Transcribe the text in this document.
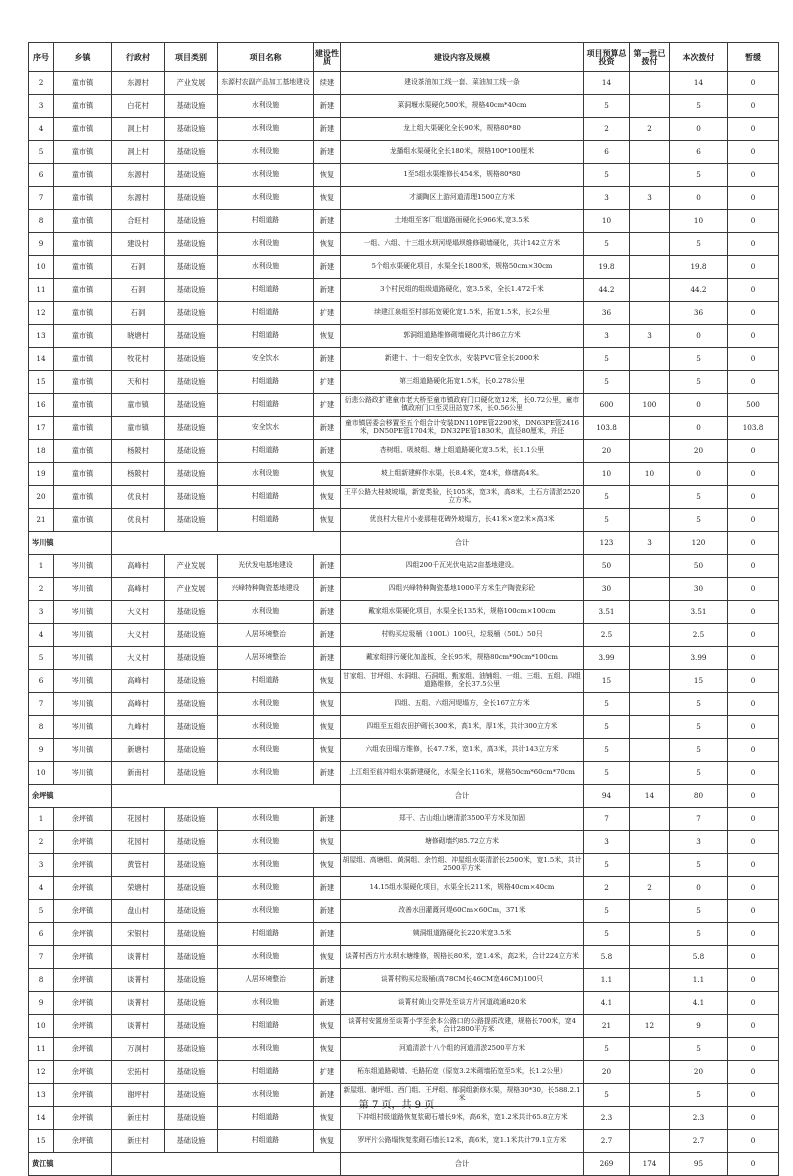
序号	乡镇	行政村	项目类别	项目名称	建设性质	建设内容及规模	项目预算总投资	第一批已拨付	本次拨付	暂缓
2	童市镇	东源村	产业发展	东源村农副产品加工基地建设	续建	建设茶油加工线一套、菜油加工线一条	14		14	0
3	童市镇	白花村	基础设施	水利设施	新建	菜洞堰水渠硬化500米，规格40cm*40cm	5		5	0
4	童市镇	洞上村	基础设施	水利设施	新建	龙上组大渠硬化全长90米，规格80*80	2	2	0	0
5	童市镇	洞上村	基础设施	水利设施	新建	龙播组水渠硬化全长180米，规格100*100厘米	6		6	0
6	童市镇	东源村	基础设施	水利设施	恢复	1至5组水渠维修长454米，规格80*80	5		5	0
7	童市镇	东源村	基础设施	水利设施	恢复	才湖陶区上游河道清理1500立方米	3	3	0	0
8	童市镇	合旺村	基础设施	村组道路	新建	土地组至客厂组道路面硬化长966米,宽3.5米	10		10	0
9	童市镇	建设村	基础设施	水利设施	恢复	一组、六组、十三组水坝河堤塌坝维修砌墙硬化，共计142立方米	5		5	0
10	童市镇	石洞	基础设施	水利设施	新建	5个组水渠硬化项目，水渠全长1800米，规格50cm×30cm	19.8		19.8	0
11	童市镇	石洞	基础设施	村组道路	新建	3个村民组的组级道路硬化，宽3.5米，全长1.472千米	44.2		44.2	0
12	童市镇	石洞	基础设施	村组道路	扩建	续建江泉组至村部拓宽硬化宽1.5米，拓宽1.5米，长2公里	36		36	0
13	童市镇	晓塘村	基础设施	村组道路	恢复	郭洞组道路维修砌墙硬化共计86立方米	3	3	0	0
14	童市镇	牧花村	基础设施	安全饮水	新建	新建十、十一组安全饮水，安装PVC管全长2000米	5		5	0
15	童市镇	天和村	基础设施	村组道路	扩建	第三组道路硬化拓宽1.5米，长0.278公里	5		5	0
16	童市镇	童市镇	基础设施	村组道路	扩建	衍悲公路政扩建童市老大桥至童市镇政府门口硬化宽12米，长0.72公里，童市镇政府门口至灵田站宽7米，长0.56公里	600	100	0	500
17	童市镇	童市镇	基础设施	安全饮水	新建	童市镇居委会移置至五个组合计安装DN110PE管2290米，DN63PE管2416米，DN50PE管1704米，DN32PE管1830米，直径80厘米，并还	103.8		0	103.8
18	童市镇	杨陂村	基础设施	村组道路	新建	杏树组、吸坡组、塘上组道路硬化宽3.5米，长1.1公里	20		20	0
19	童市镇	杨陂村	基础设施	水利设施	恢复	坡上组新建鲜作水渠，长8.4米，宽4米，修缮高4米。	10	10	0	0
20	童市镇	优良村	基础设施	村组道路	恢复	王平公路大桂坡坡塌，新宽类验，长105米，宽3米，高8米，土石方清淤2520立方米。	5		5	0
21	童市镇	优良村	基础设施	村组道路	恢复	优良村大桂片小麦那桂花碑外坡塌方，长41米×宽2米×高3米	5		5	0
岑川镇						合计	123	3	120	0
1	岑川镇	高峰村	产业发展	光伏发电基地建设	新建	四组200千瓦光伏电站2亩基地建设。	50		50	0
2	岑川镇	高峰村	产业发展	兴峰特种陶瓷基地建设	新建	四组兴峰特种陶瓷基地1000平方米生产陶瓷彩砼	30		30	0
3	岑川镇	大义村	基础设施	水利设施	新建	戴家组水渠硬化项目，水渠全长135米，规格100cm×100cm	3.51		3.51	0
4	岑川镇	大义村	基础设施	人居环境整治	新建	村购买垃圾桶（100L）100只，垃圾桶（50L）50只	2.5		2.5	0
5	岑川镇	大义村	基础设施	人居环境整治	新建	戴家组排污硬化加盖板，全长95米，规格80cm*90cm*100cm	3.99		3.99	0
6	岑川镇	高峰村	基础设施	村组道路	恢复	甘家组、甘坪组、水洞组、石洞组、甄家组、油铺组、一组、三组、五组、四组道路维修，全长37.5公里	15		15	0
7	岑川镇	高峰村	基础设施	水利设施	恢复	四组、五组、六组河堤塌方，全长167立方米	5		5	0
8	岑川镇	九峰村	基础设施	水利设施	恢复	四组至五组农田护砌长300米，高1米，厚1米，共计300立方米	5		5	0
9	岑川镇	新塘村	基础设施	水利设施	恢复	六组农田塌方维修，长47.7米，宽1米，高3米，共计143立方米	5		5	0
10	岑川镇	新南村	基础设施	水利设施	新建	上江组至前冲组水渠新建硬化，水渠全长116米，规格50cm*60cm*70cm	5		5	0
余坪镇						合计	94	14	80	0
1	余坪镇	花园村	基础设施	水利设施	新建	郑干、古山组山塘清淤3500平方米及加固	7		7	0
2	余坪镇	花园村	基础设施	水利设施	恢复	塘修砌墙约85.72立方米	3		3	0
3	余坪镇	黄管村	基础设施	水利设施	恢复	胡屋组、高塘组、黄洞组、余竹组、冲屋组水渠清淤长2500米，宽1.5米，共计2500平方米	5		5	0
4	余坪镇	荣塘村	基础设施	水利设施	新建	14.15组水渠硬化项目，水渠全长211米，规格40cm×40cm	2	2	0	0
5	余坪镇	盘山村	基础设施	水利设施	新建	改善水田灌溉河堤60Cm×60Cm，371米	5		5	0
6	余坪镇	宋银村	基础设施	村组道路	新建	姨洞组道路硬化长220米宽3.5米	5		5	0
7	余坪镇	谈菁村	基础设施	水利设施	恢复	谈菁村西方片水坝水塘维修，规格长80米，宽1.4米，高2米，合计224立方米	5.8		5.8	0
8	余坪镇	谈菁村	基础设施	人居环境整治	新建	谈菁村购买垃圾桶(高78CM长46CM宽46CM)100只	1.1		1.1	0
9	余坪镇	谈菁村	基础设施	水利设施	新建	谈菁村黄山交界处至谈方片河道疏通820米	4.1		4.1	0
10	余坪镇	谈菁村	基础设施	村组道路	恢复	谈菁村安置房至谈菁小学至余本公路口的公路提质改建，规格长700米，宽4米，合计2800平方米	21	12	9	0
11	余坪镇	万洞村	基础设施	水利设施	恢复	河道清淤十八个组的河道清淤2500平方米	5		5	0
12	余坪镇	宏拓村	基础设施	村组道路	扩建	柘东组道路砌墙、毛路拓宽（原宽3.2米砌墙拓宽至5米，长1.2公里）	20		20	0
13	余坪镇	谢坪村	基础设施	水利设施	新建	新屋组、谢坪组、西门组、王坪组、郁洞组新修水渠，规格30*30，长588.2.1米	5		5	0
14	余坪镇	新庄村	基础设施	村组道路	恢复	下冲组村级道路恢复浆砌石墙长9米，高6米，宽1.2米共计65.8立方米	2.3		2.3	0
15	余坪镇	新庄村	基础设施	村组道路	恢复	罗坪片公路塌恢复浆砌石墙长12米，高6米，宽1.1米共计79.1立方米	2.7		2.7	0
黄江镇						合计	269	174	95	0
第 7 页，共 9 页
